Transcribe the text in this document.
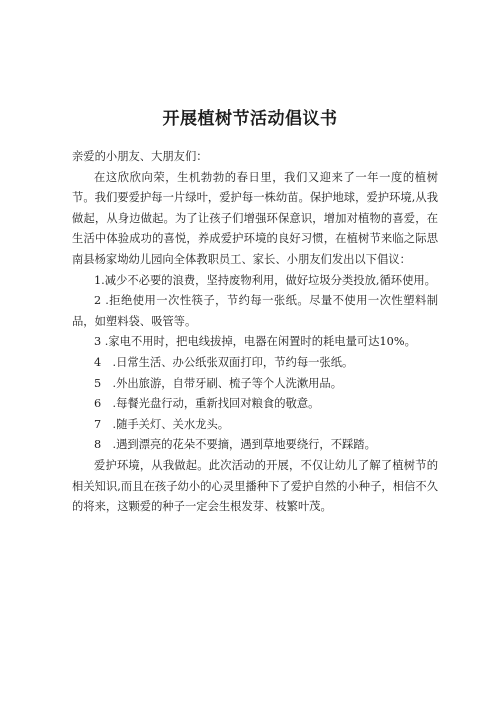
开展植树节活动倡议书

亲爱的小朋友、大朋友们：

在这欣欣向荣，生机勃勃的春日里，我们又迎来了一年一度的植树节。我们要爱护每一片绿叶，爱护每一株幼苗。保护地球，爱护环境,从我做起，从身边做起。为了让孩子们增强环保意识，增加对植物的喜爱，在生活中体验成功的喜悦，养成爱护环境的良好习惯，在植树节来临之际思南县杨家坳幼儿园向全体教职员工、家长、小朋友们发出以下倡议：

1.减少不必要的浪费，坚持废物利用，做好垃圾分类投放,循环使用。

2 .拒绝使用一次性筷子，节约每一张纸。尽量不使用一次性塑料制品，如塑料袋、吸管等。

3 .家电不用时，把电线拔掉，电器在闲置时的耗电量可达10%。

4　.日常生活、办公纸张双面打印，节约每一张纸。

5　.外出旅游，自带牙刷、梳子等个人洗漱用品。

6　.每餐光盘行动，重新找回对粮食的敬意。

7　.随手关灯、关水龙头。

8　.遇到漂亮的花朵不要摘，遇到草地要绕行，不踩踏。

爱护环境，从我做起。此次活动的开展，不仅让幼儿了解了植树节的相关知识,而且在孩子幼小的心灵里播种下了爱护自然的小种子，相信不久的将来，这颗爱的种子一定会生根发芽、枝繁叶茂。
